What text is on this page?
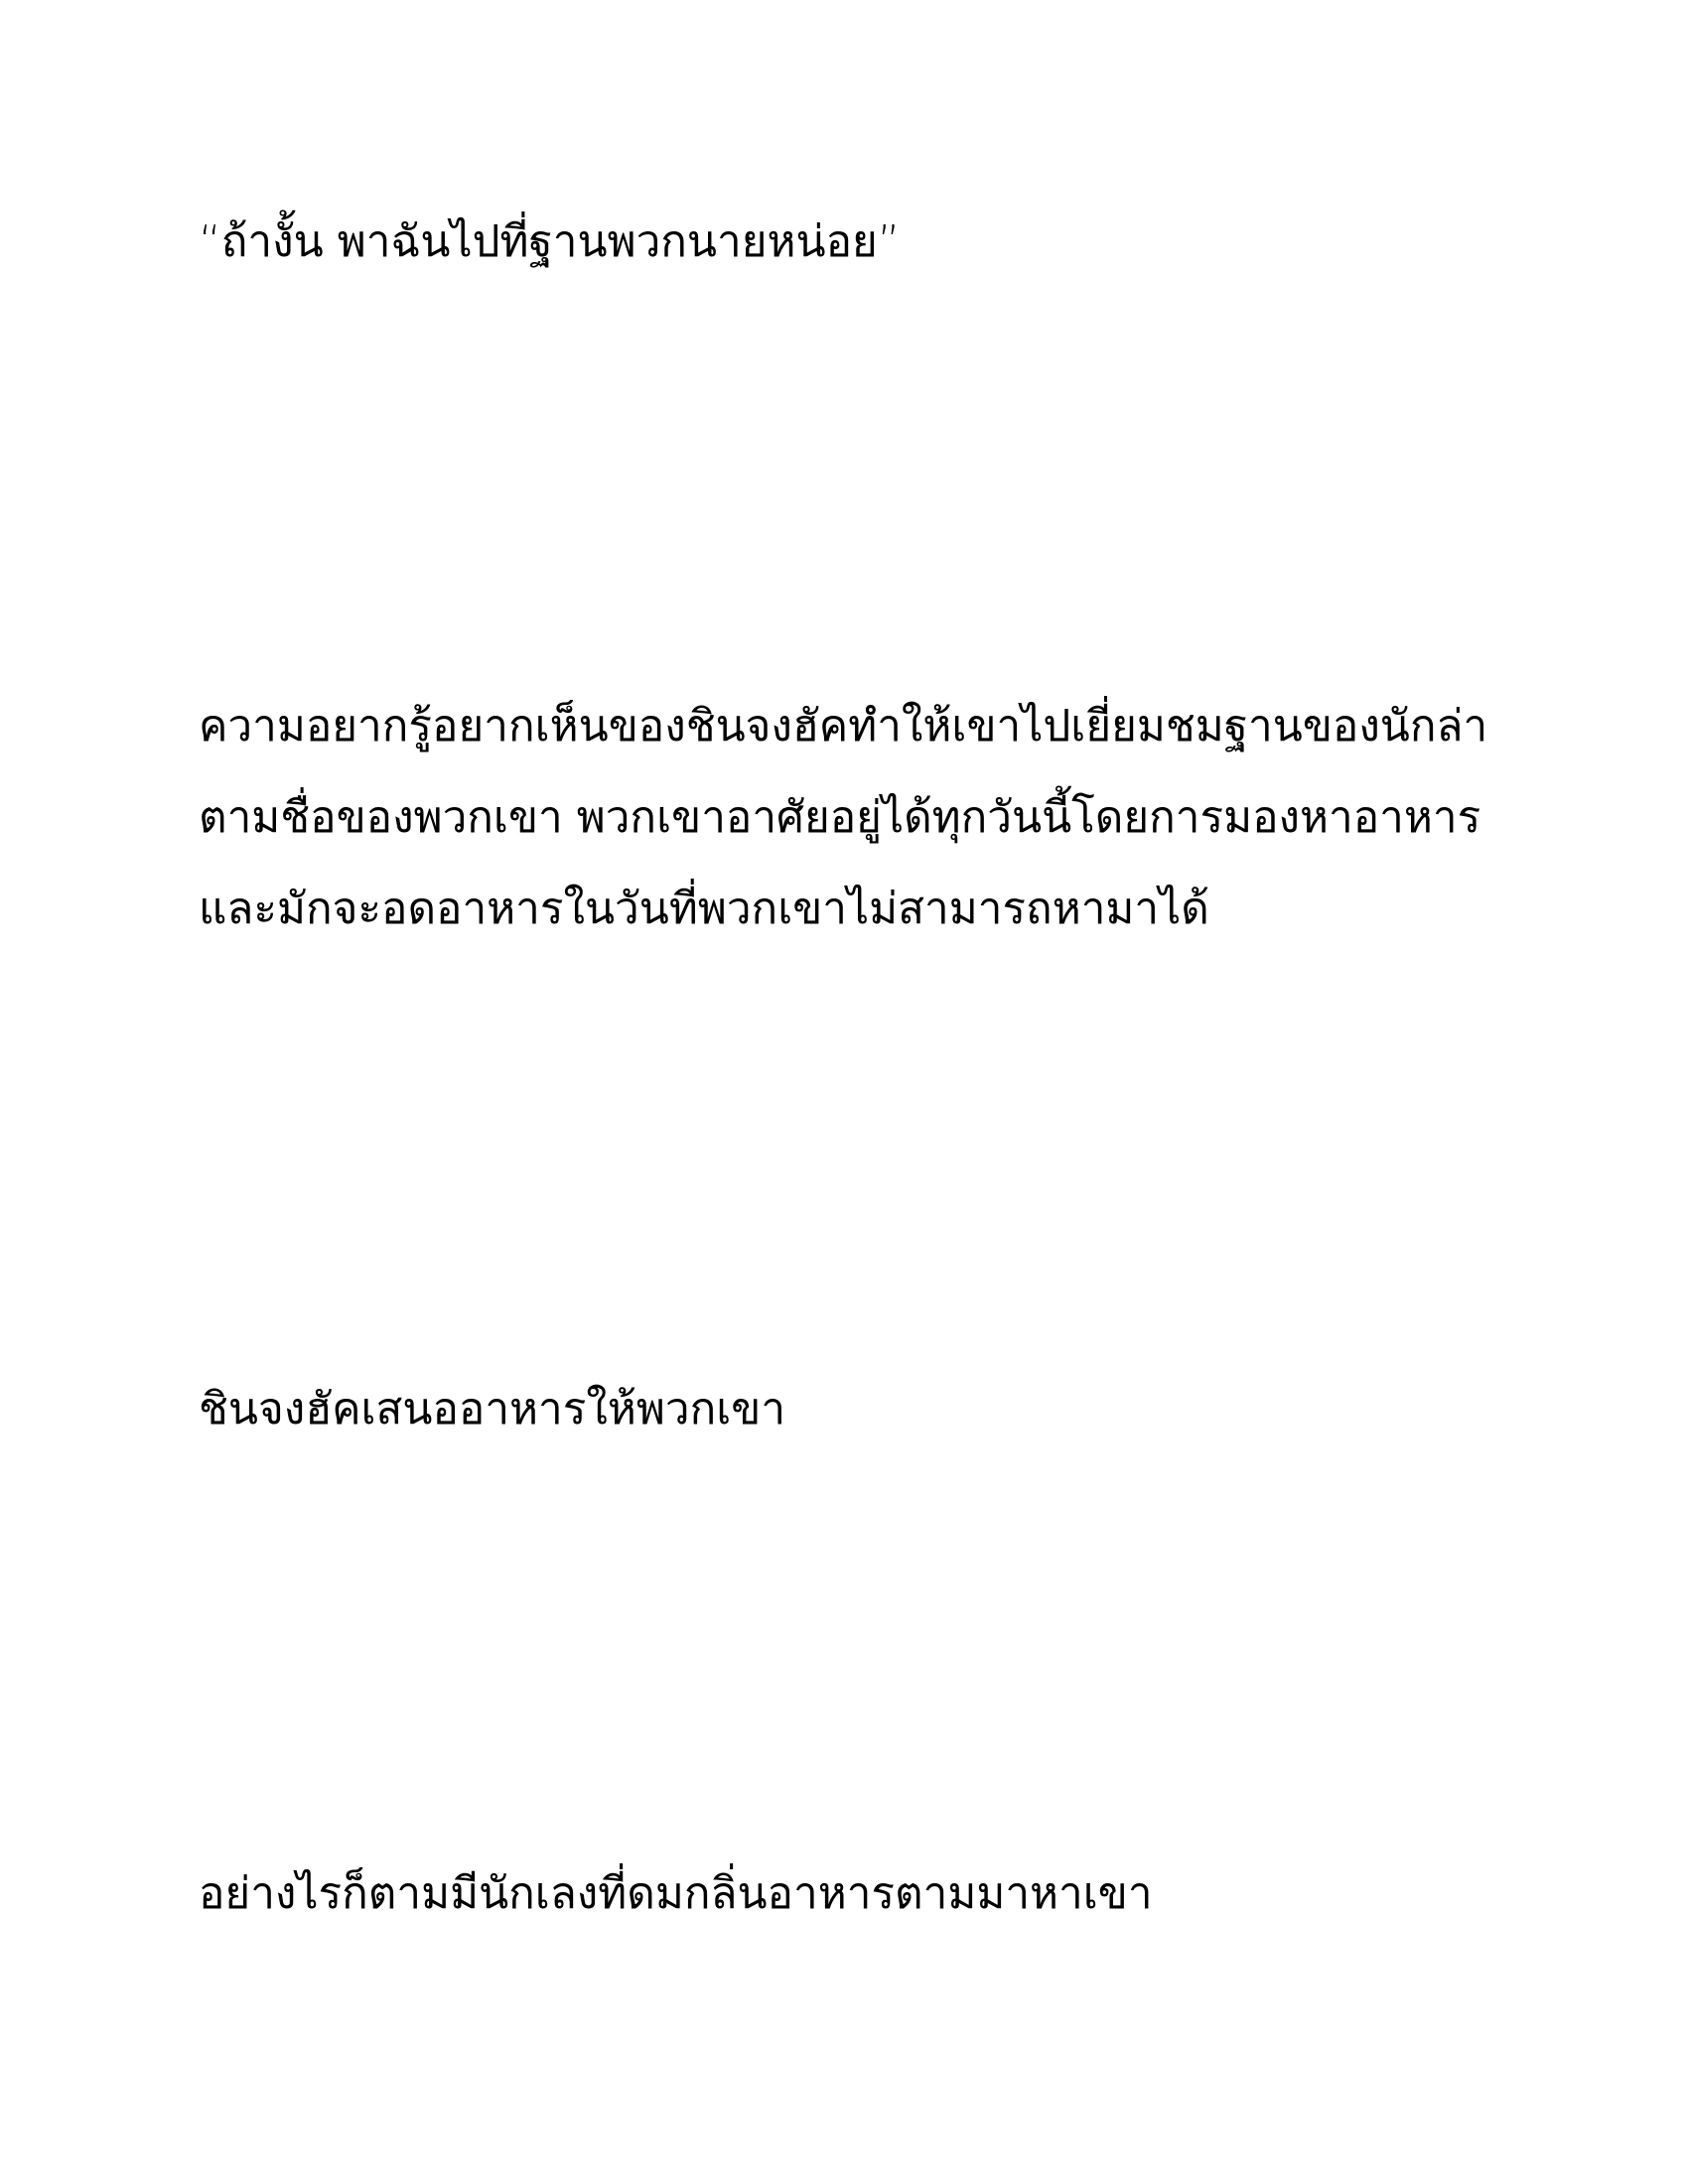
“ถ้างั้น พาฉันไปที่ฐานพวกนายหน่อย”

ความอยากรู้อยากเห็นของชินจงฮัคทำให้เขาไปเยี่ยมชมฐานของนักล่า
ตามชื่อของพวกเขา พวกเขาอาศัยอยู่ได้ทุกวันนี้โดยการมองหาอาหาร
และมักจะอดอาหารในวันที่พวกเขาไม่สามารถหามาได้

ชินจงฮัคเสนออาหารให้พวกเขา

อย่างไรก็ตามมีนักเลงที่ดมกลิ่นอาหารตามมาหาเขา
